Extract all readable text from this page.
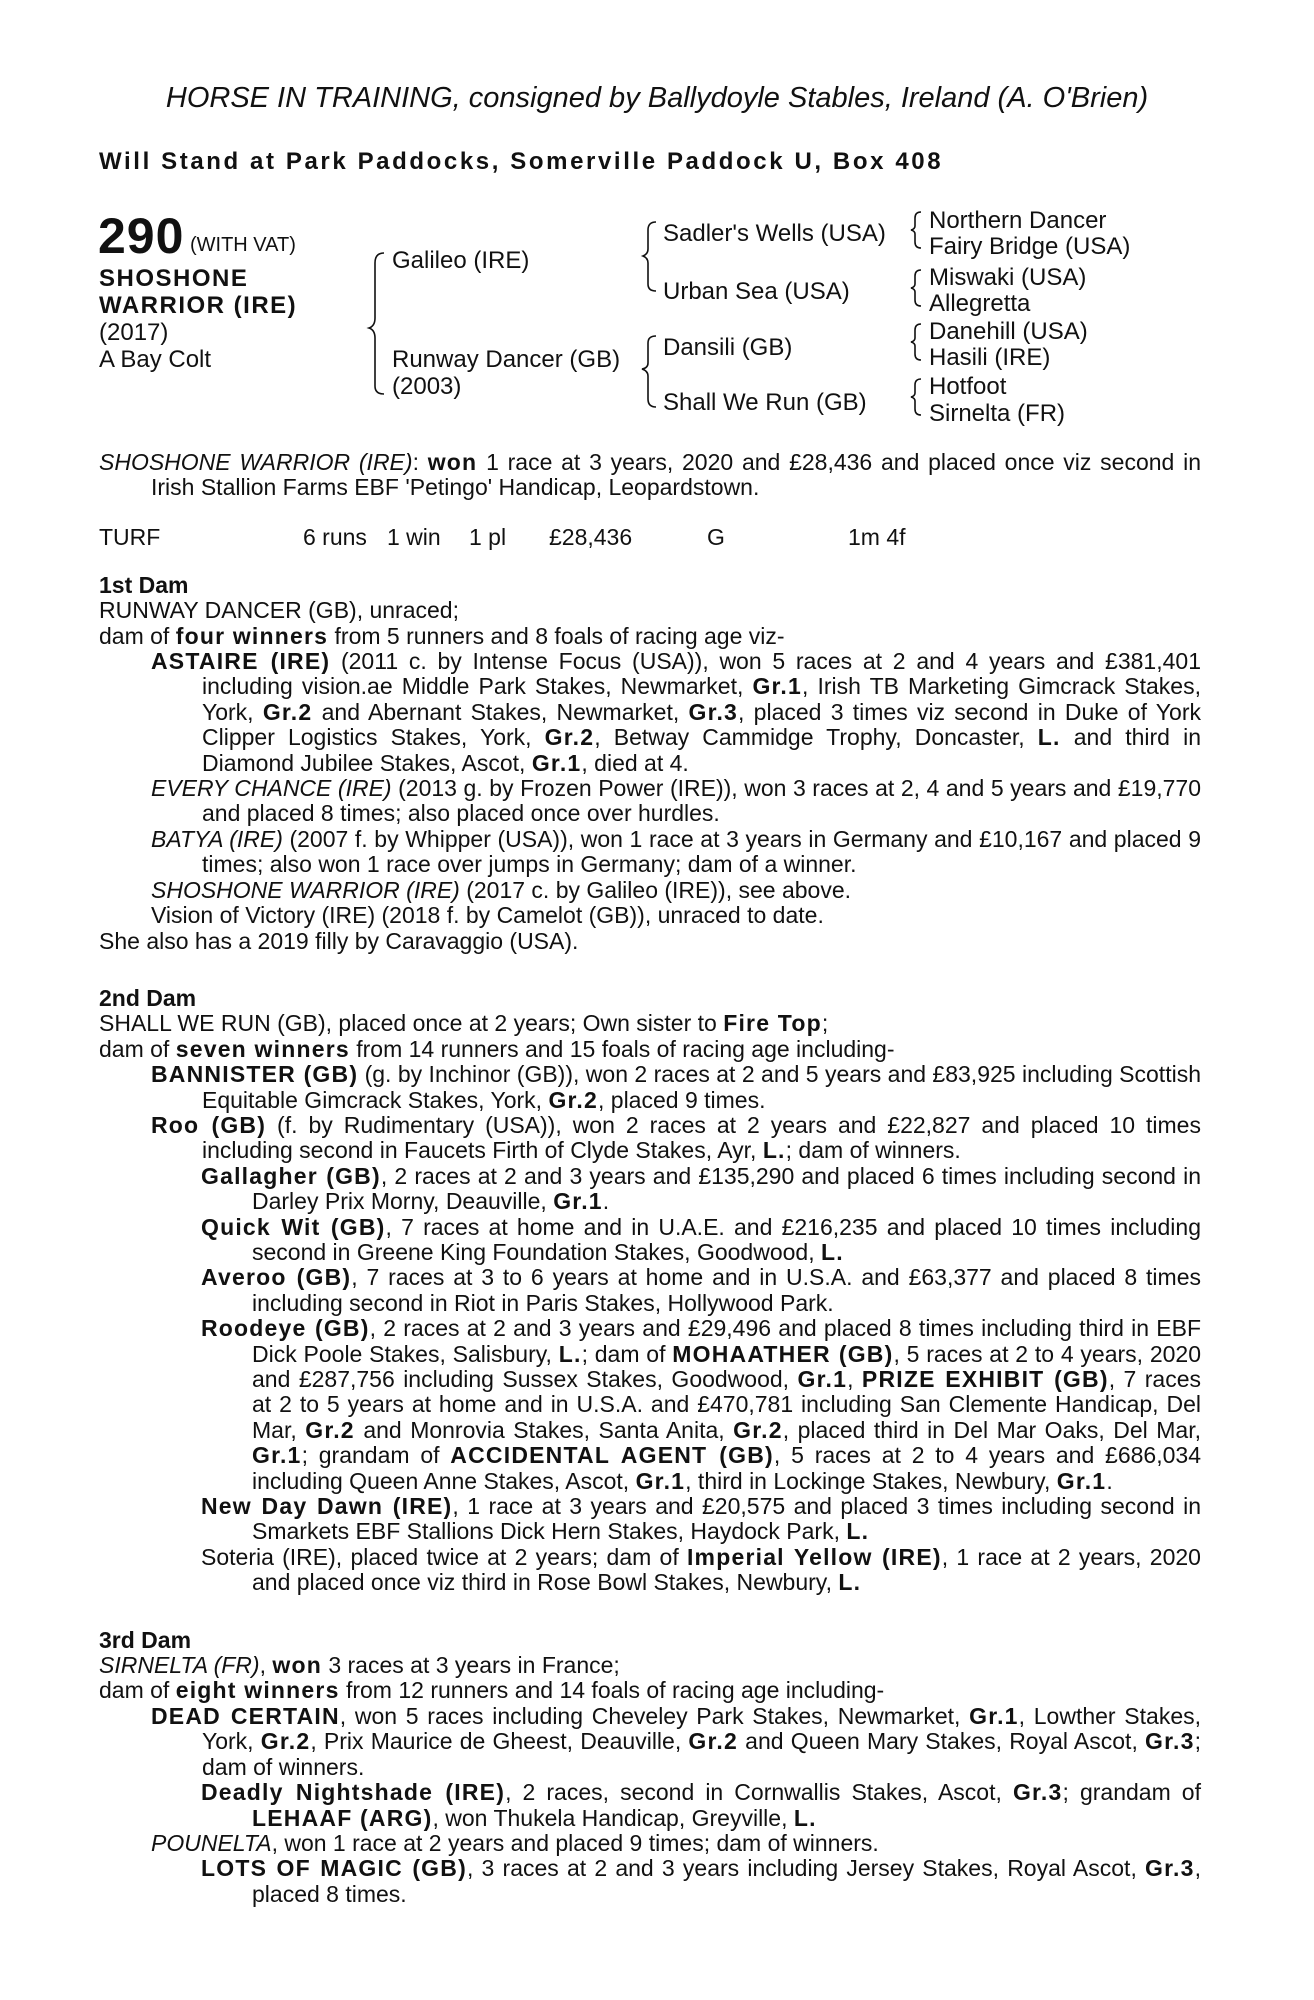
HORSE IN TRAINING, consigned by Ballydoyle Stables, Ireland (A. O'Brien)
Will Stand at Park Paddocks, Somerville Paddock U, Box 408
290 (WITH VAT)
SHOSHONE
WARRIOR (IRE)
(2017)
A Bay Colt
Galileo (IRE)
Runway Dancer (GB)
(2003)
Sadler's Wells (USA)
Urban Sea (USA)
Dansili (GB)
Shall We Run (GB)
Northern Dancer
Fairy Bridge (USA)
Miswaki (USA)
Allegretta
Danehill (USA)
Hasili (IRE)
Hotfoot
Sirnelta (FR)

SHOSHONE WARRIOR (IRE): won 1 race at 3 years, 2020 and £28,436 and placed once viz second in Irish Stallion Farms EBF 'Petingo' Handicap, Leopardstown.

TURF	6 runs 1 win 1 pl £28,436	G	1m 4f
1st Dam

RUNWAY DANCER (GB), unraced;

dam of four winners from 5 runners and 8 foals of racing age viz-

ASTAIRE (IRE) (2011 c. by Intense Focus (USA)), won 5 races at 2 and 4 years and £381,401 including vision.ae Middle Park Stakes, Newmarket, Gr.1, Irish TB Marketing Gimcrack Stakes, York, Gr.2 and Abernant Stakes, Newmarket, Gr.3, placed 3 times viz second in Duke of York Clipper Logistics Stakes, York, Gr.2, Betway Cammidge Trophy, Doncaster, L. and third in Diamond Jubilee Stakes, Ascot, Gr.1, died at 4.

EVERY CHANCE (IRE) (2013 g. by Frozen Power (IRE)), won 3 races at 2, 4 and 5 years and £19,770 and placed 8 times; also placed once over hurdles.

BATYA (IRE) (2007 f. by Whipper (USA)), won 1 race at 3 years in Germany and £10,167 and placed 9 times; also won 1 race over jumps in Germany; dam of a winner.

SHOSHONE WARRIOR (IRE) (2017 c. by Galileo (IRE)), see above.

Vision of Victory (IRE) (2018 f. by Camelot (GB)), unraced to date.

She also has a 2019 filly by Caravaggio (USA).

2nd Dam

SHALL WE RUN (GB), placed once at 2 years; Own sister to Fire Top;

dam of seven winners from 14 runners and 15 foals of racing age including-

BANNISTER (GB) (g. by Inchinor (GB)), won 2 races at 2 and 5 years and £83,925 including Scottish Equitable Gimcrack Stakes, York, Gr.2, placed 9 times.

Roo (GB) (f. by Rudimentary (USA)), won 2 races at 2 years and £22,827 and placed 10 times including second in Faucets Firth of Clyde Stakes, Ayr, L.; dam of winners.

Gallagher (GB), 2 races at 2 and 3 years and £135,290 and placed 6 times including second in Darley Prix Morny, Deauville, Gr.1.

Quick Wit (GB), 7 races at home and in U.A.E. and £216,235 and placed 10 times including second in Greene King Foundation Stakes, Goodwood, L.

Averoo (GB), 7 races at 3 to 6 years at home and in U.S.A. and £63,377 and placed 8 times including second in Riot in Paris Stakes, Hollywood Park.

Roodeye (GB), 2 races at 2 and 3 years and £29,496 and placed 8 times including third in EBF Dick Poole Stakes, Salisbury, L.; dam of MOHAATHER (GB), 5 races at 2 to 4 years, 2020 and £287,756 including Sussex Stakes, Goodwood, Gr.1, PRIZE EXHIBIT (GB), 7 races at 2 to 5 years at home and in U.S.A. and £470,781 including San Clemente Handicap, Del Mar, Gr.2 and Monrovia Stakes, Santa Anita, Gr.2, placed third in Del Mar Oaks, Del Mar, Gr.1; grandam of ACCIDENTAL AGENT (GB), 5 races at 2 to 4 years and £686,034 including Queen Anne Stakes, Ascot, Gr.1, third in Lockinge Stakes, Newbury, Gr.1.

New Day Dawn (IRE), 1 race at 3 years and £20,575 and placed 3 times including second in Smarkets EBF Stallions Dick Hern Stakes, Haydock Park, L.

Soteria (IRE), placed twice at 2 years; dam of Imperial Yellow (IRE), 1 race at 2 years, 2020 and placed once viz third in Rose Bowl Stakes, Newbury, L.

3rd Dam

SIRNELTA (FR), won 3 races at 3 years in France;

dam of eight winners from 12 runners and 14 foals of racing age including-

DEAD CERTAIN, won 5 races including Cheveley Park Stakes, Newmarket, Gr.1, Lowther Stakes, York, Gr.2, Prix Maurice de Gheest, Deauville, Gr.2 and Queen Mary Stakes, Royal Ascot, Gr.3; dam of winners.

Deadly Nightshade (IRE), 2 races, second in Cornwallis Stakes, Ascot, Gr.3; grandam of LEHAAF (ARG), won Thukela Handicap, Greyville, L.

POUNELTA, won 1 race at 2 years and placed 9 times; dam of winners.

LOTS OF MAGIC (GB), 3 races at 2 and 3 years including Jersey Stakes, Royal Ascot, Gr.3, placed 8 times.
